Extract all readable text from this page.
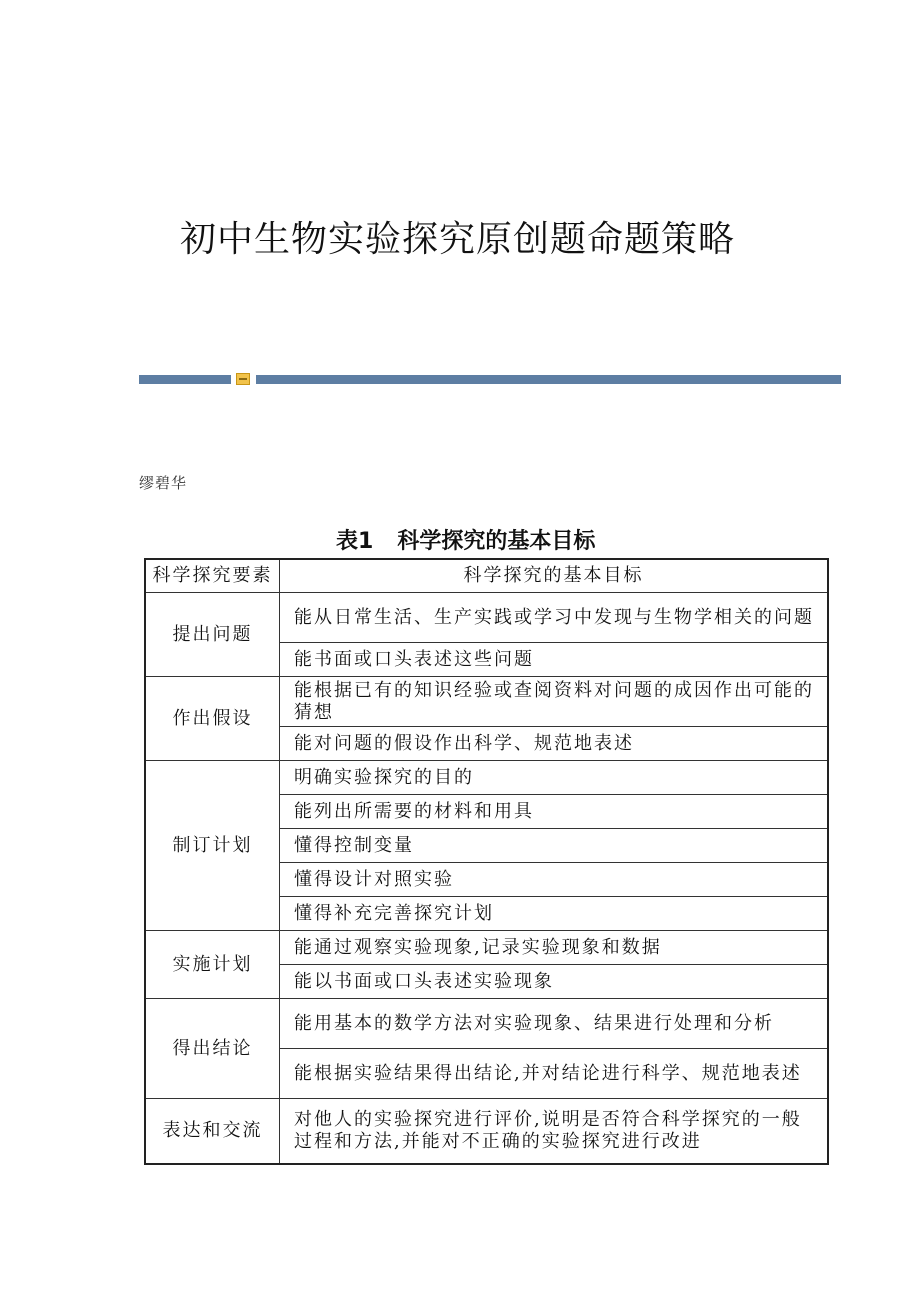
初中生物实验探究原创题命题策略
缪碧华
表1 科学探究的基本目标
科学探究要素	科学探究的基本目标
提出问题	能从日常生活、生产实践或学习中发现与生物学相关的问题
	能书面或口头表述这些问题
作出假设	能根据已有的知识经验或查阅资料对问题的成因作出可能的猜想
	能对问题的假设作出科学、规范地表述
制订计划	明确实验探究的目的
	能列出所需要的材料和用具
	懂得控制变量
	懂得设计对照实验
	懂得补充完善探究计划
实施计划	能通过观察实验现象,记录实验现象和数据
	能以书面或口头表述实验现象
得出结论	能用基本的数学方法对实验现象、结果进行处理和分析
	能根据实验结果得出结论,并对结论进行科学、规范地表述
表达和交流	对他人的实验探究进行评价,说明是否符合科学探究的一般过程和方法,并能对不正确的实验探究进行改进
